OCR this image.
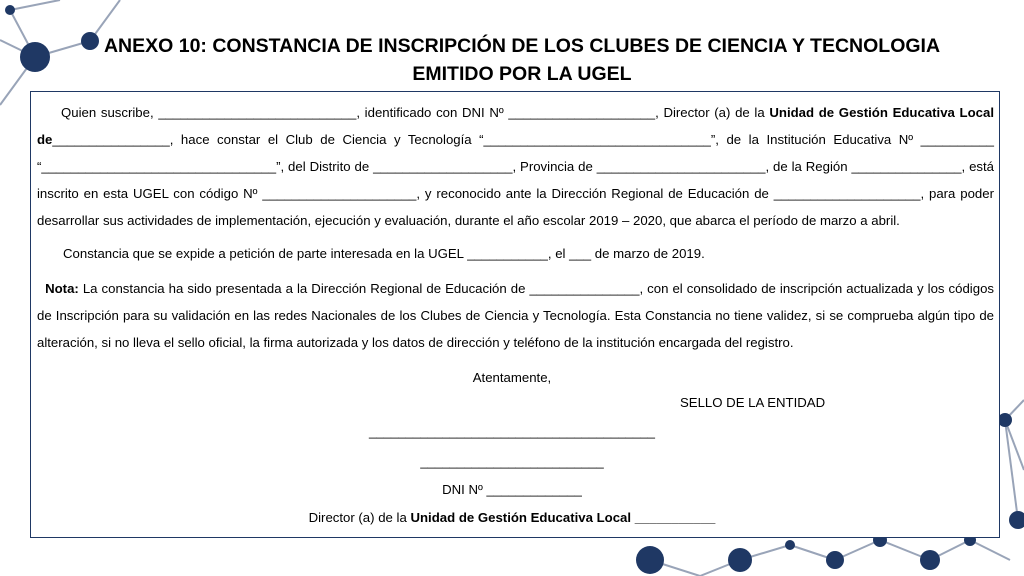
ANEXO 10: CONSTANCIA DE INSCRIPCIÓN DE LOS CLUBES DE CIENCIA Y TECNOLOGIA
EMITIDO POR LA UGEL

Quien suscribe, ___________________________, identificado con DNI Nº ____________________, Director (a) de la Unidad de Gestión Educativa Local de________________, hace constar el Club de Ciencia y Tecnología “_______________________________”, de la Institución Educativa Nº __________ “________________________________”, del Distrito de ___________________, Provincia de _______________________, de la Región _______________, está inscrito en esta UGEL con código Nº _____________________, y reconocido ante la Dirección Regional de Educación de ____________________, para poder desarrollar sus actividades de implementación, ejecución y evaluación, durante el año escolar 2019 – 2020, que abarca el período de marzo a abril.

Constancia que se expide a petición de parte interesada en la UGEL ___________, el ___ de marzo de 2019.

Nota: La constancia ha sido presentada a la Dirección Regional de Educación de _______________, con el consolidado de inscripción actualizada y los códigos de Inscripción para su validación en las redes Nacionales de los Clubes de Ciencia y Tecnología. Esta Constancia no tiene validez, si se comprueba algún tipo de alteración, si no lleva el sello oficial, la firma autorizada y los datos de dirección y teléfono de la institución encargada del registro.

Atentamente,
SELLO DE LA ENTIDAD
_______________________________________
_________________________
DNI Nº _____________
Director (a) de la Unidad de Gestión Educativa Local ___________
